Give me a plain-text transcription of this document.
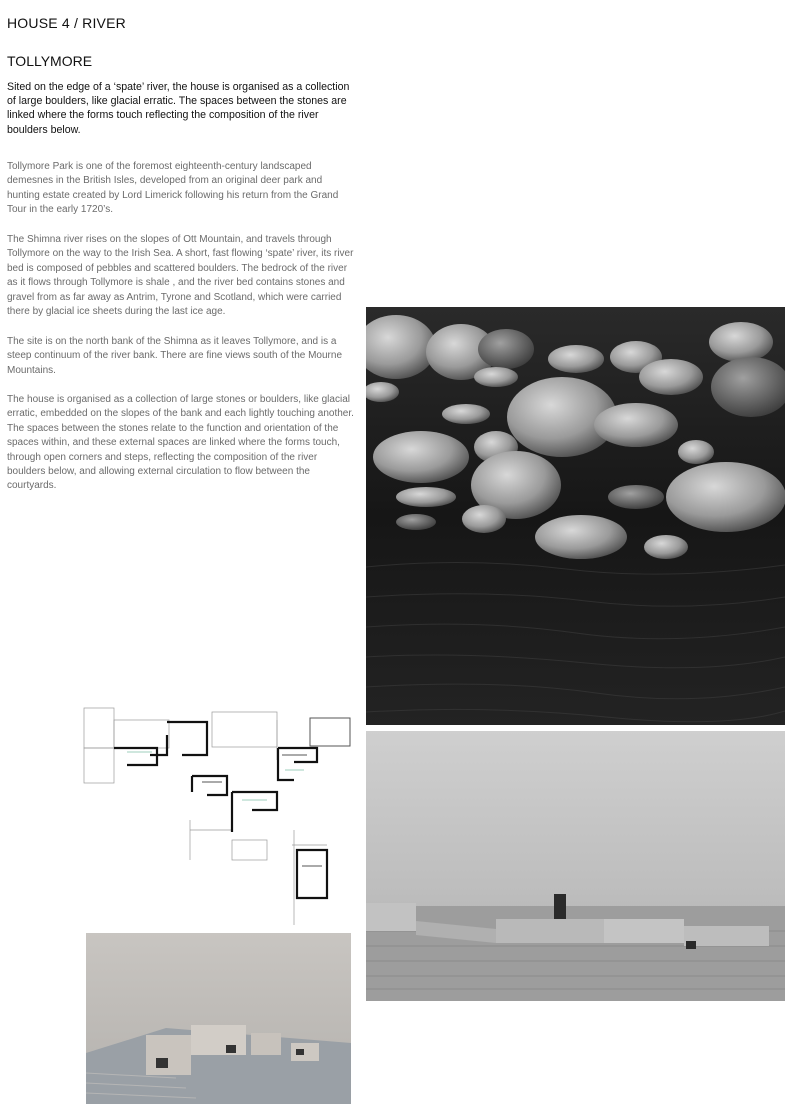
HOUSE 4 / RIVER
TOLLYMORE
Sited on the edge of a ‘spate’ river, the house is organised as a collection of large boulders, like glacial erratic. The spaces between the stones are linked where the forms touch reflecting the composition of the river boulders below.

Tollymore Park is one of the foremost eighteenth-century landscaped demesnes in the British Isles, developed from an original deer park and hunting estate created by Lord Limerick following his return from the Grand Tour in the early 1720’s.

The Shimna river rises on the slopes of Ott Mountain, and travels through Tollymore on the way to the Irish Sea. A short, fast flowing ‘spate’ river, its river bed is composed of pebbles and scattered boulders. The bedrock of the river as it flows through Tollymore is shale , and the river bed contains stones and gravel from as far away as Antrim, Tyrone and Scotland, which were carried there by glacial ice sheets during the last ice age.

The site is on the north bank of the Shimna as it leaves Tollymore, and is a steep continuum of the river bank. There are fine views south of the Mourne Mountains.

The house is organised as a collection of large stones or boulders, like glacial erratic, embedded on the slopes of the bank and each lightly touching another. The spaces between the stones relate to the function and orientation of the spaces within, and these external spaces are linked where the forms touch, through open corners and steps, reflecting the composition of the river boulders below, and allowing external circulation to flow between the courtyards.
